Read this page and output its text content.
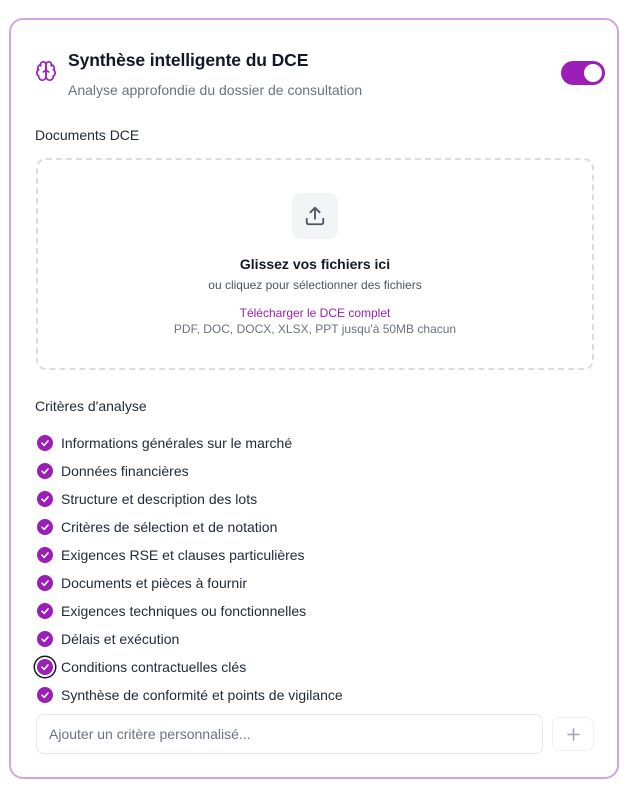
Synthèse intelligente du DCE
Analyse approfondie du dossier de consultation
Documents DCE
Glissez vos fichiers ici
ou cliquez pour sélectionner des fichiers
Télécharger le DCE complet
PDF, DOC, DOCX, XLSX, PPT jusqu'à 50MB chacun
Critères d'analyse
Informations générales sur le marché
Données financières
Structure et description des lots
Critères de sélection et de notation
Exigences RSE et clauses particulières
Documents et pièces à fournir
Exigences techniques ou fonctionnelles
Délais et exécution
Conditions contractuelles clés
Synthèse de conformité et points de vigilance
Ajouter un critère personnalisé...
